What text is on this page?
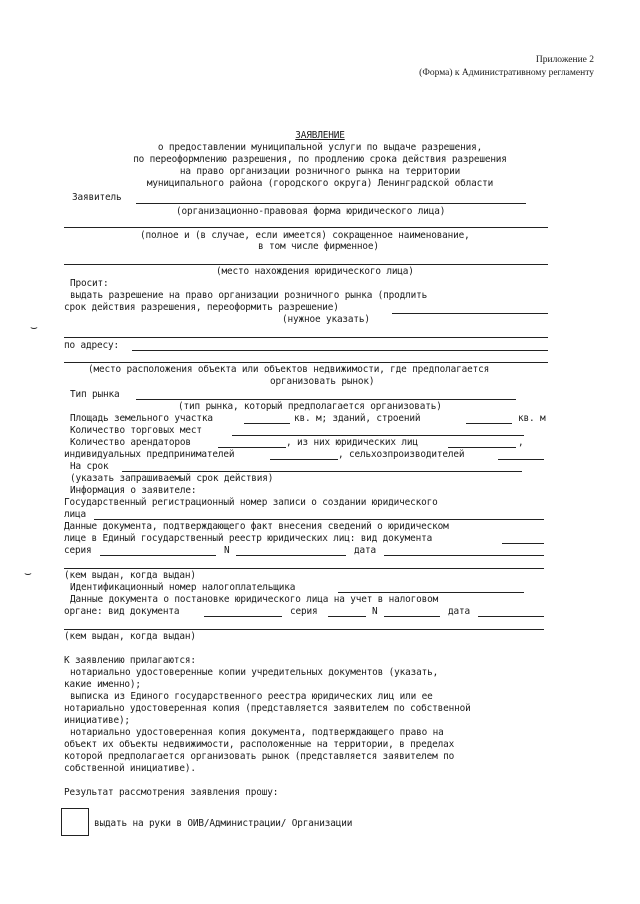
Приложение 2
(Форма) к Административному регламенту
ЗАЯВЛЕНИЕ
о предоставлении муниципальной услуги по выдаче разрешения,
по переоформлению разрешения, по продлению срока действия разрешения
на право организации розничного рынка на территории
муниципального района (городского округа) Ленинградской области
Заявитель
(организационно-правовая форма юридического лица)
(полное и (в случае, если имеется) сокращенное наименование,
в том числе фирменное)
(место нахождения юридического лица)
Просит:
выдать разрешение на право организации розничного рынка (продлить
срок действия разрешения, переоформить разрешение)
(нужное указать)
⌣
по адресу:
(место расположения объекта или объектов недвижимости, где предполагается
организовать рынок)
Тип рынка
(тип рынка, который предполагается организовать)
Площадь земельного участка	кв. м; зданий, строений	кв. м
Количество торговых мест
Количество арендаторов	, из них юридических лиц	,
индивидуальных предпринимателей	, сельхозпроизводителей
На срок
(указать запрашиваемый срок действия)
Информация о заявителе:
Государственный регистрационный номер записи о создании юридического
лица
Данные документа, подтверждающего факт внесения сведений о юридическом
лице в Единый государственный реестр юридических лиц: вид документа
серия	N	дата
(кем выдан, когда выдан)
⌣
Идентификационный номер налогоплательщика
Данные документа о постановке юридического лица на учет в налоговом
органе: вид документа	серия	N	дата
(кем выдан, когда выдан)
К заявлению прилагаются:
нотариально удостоверенные копии учредительных документов (указать,
какие именно);
выписка из Единого государственного реестра юридических лиц или ее
нотариально удостоверенная копия (представляется заявителем по собственной
инициативе);
нотариально удостоверенная копия документа, подтверждающего право на
объект их объекты недвижимости, расположенные на территории, в пределах
которой предполагается организовать рынок (представляется заявителем по
собственной инициативе).
Результат рассмотрения заявления прошу:
выдать на руки в ОИВ/Администрации/ Организации
